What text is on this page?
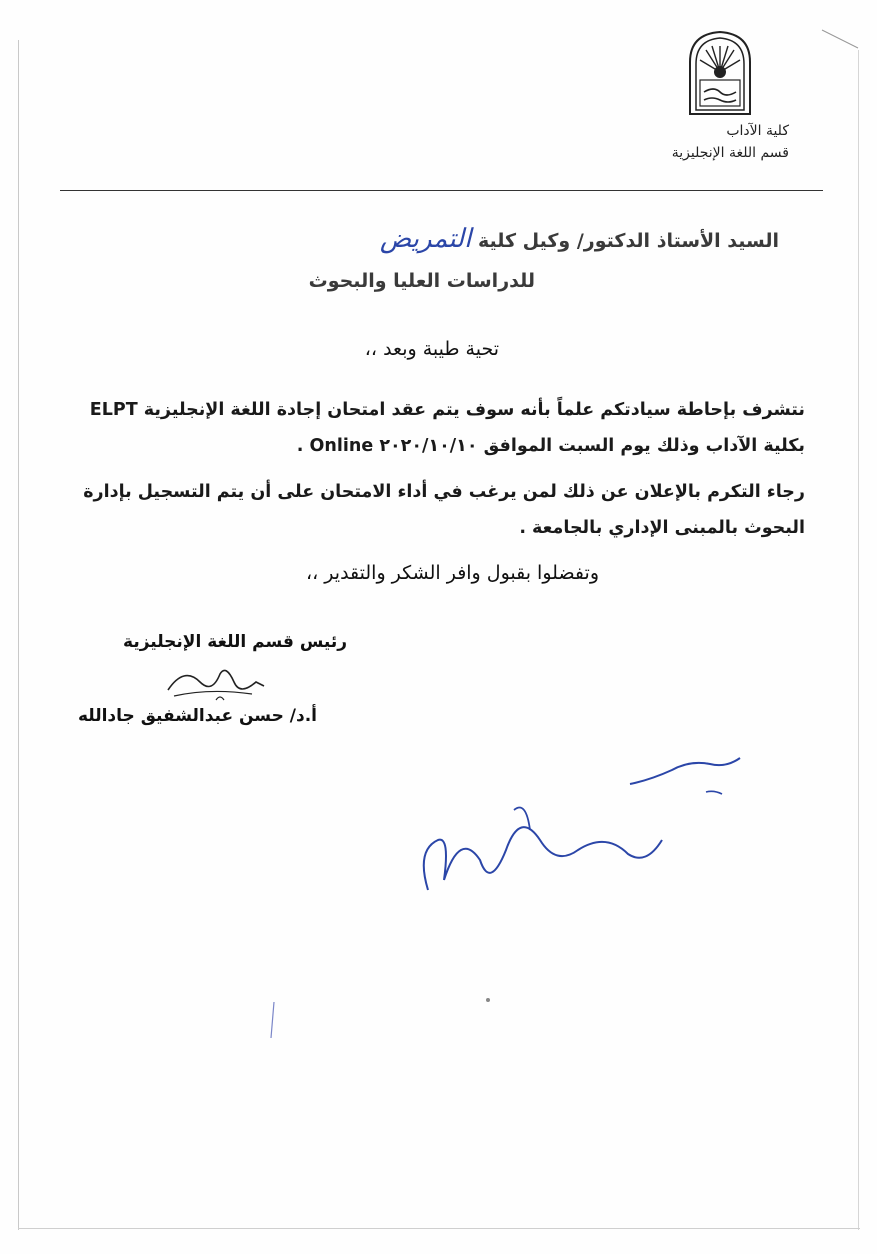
كلية الآداب
قسم اللغة الإنجليزية
السيد الأستاذ الدكتور/ وكيل كلية التمريض
للدراسات العليا والبحوث
تحية طيبة وبعد ،،
نتشرف بإحاطة سيادتكم علماً بأنه سوف يتم عقد امتحان إجادة اللغة الإنجليزية ELPT بكلية الآداب وذلك يوم السبت الموافق ٢٠٢٠/١٠/١٠ Online .
رجاء التكرم بالإعلان عن ذلك لمن يرغب في أداء الامتحان على أن يتم التسجيل بإدارة البحوث بالمبنى الإداري بالجامعة .
وتفضلوا بقبول وافر الشكر والتقدير ،،
رئيس قسم اللغة الإنجليزية
أ.د/ حسن عبدالشفيق جادالله
